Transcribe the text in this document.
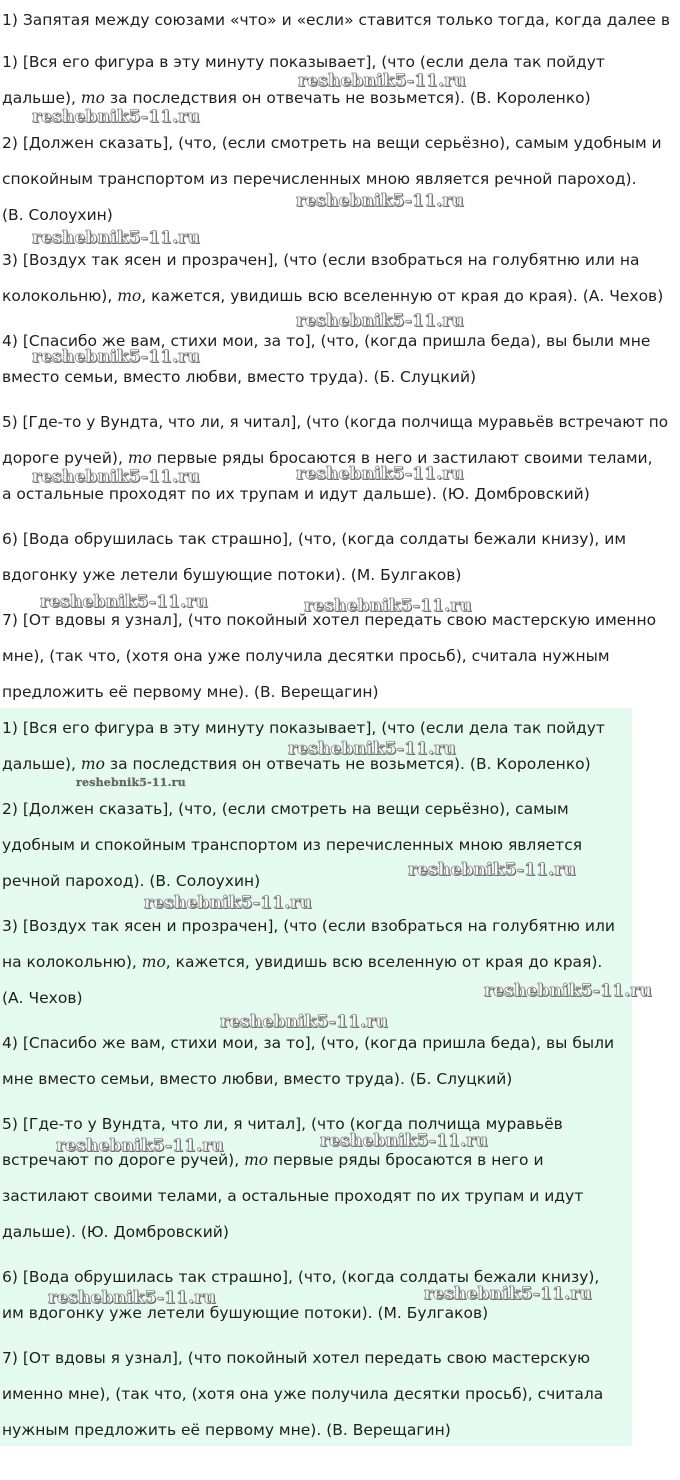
1) Запятая между союзами «что» и «если» ставится только тогда, когда далее в
1) [Вся его фигура в эту минуту показывает], (что (если дела так пойдут
дальше), то за последствия он отвечать не возьмется). (В. Короленко)
2) [Должен сказать], (что, (если смотреть на вещи серьёзно), самым удобным и
спокойным транспортом из перечисленных мною является речной пароход).
(В. Солоухин)
3) [Воздух так ясен и прозрачен], (что (если взобраться на голубятню или на
колокольню), то, кажется, увидишь всю вселенную от края до края). (А. Чехов)
4) [Спасибо же вам, стихи мои, за то], (что, (когда пришла беда), вы были мне
вместо семьи, вместо любви, вместо труда). (Б. Слуцкий)
5) [Где-то у Вундта, что ли, я читал], (что (когда полчища муравьёв встречают по
дороге ручей), то первые ряды бросаются в него и застилают своими телами,
а остальные проходят по их трупам и идут дальше). (Ю. Домбровский)
6) [Вода обрушилась так страшно], (что, (когда солдаты бежали книзу), им
вдогонку уже летели бушующие потоки). (М. Булгаков)
7) [От вдовы я узнал], (что покойный хотел передать свою мастерскую именно
мне), (так что, (хотя она уже получила десятки просьб), считала нужным
предложить её первому мне). (В. Верещагин)
1) [Вся его фигура в эту минуту показывает], (что (если дела так пойдут
дальше), то за последствия он отвечать не возьмется). (В. Короленко)
2) [Должен сказать], (что, (если смотреть на вещи серьёзно), самым
удобным и спокойным транспортом из перечисленных мною является
речной пароход). (В. Солоухин)
3) [Воздух так ясен и прозрачен], (что (если взобраться на голубятню или
на колокольню), то, кажется, увидишь всю вселенную от края до края).
(А. Чехов)
4) [Спасибо же вам, стихи мои, за то], (что, (когда пришла беда), вы были
мне вместо семьи, вместо любви, вместо труда). (Б. Слуцкий)
5) [Где-то у Вундта, что ли, я читал], (что (когда полчища муравьёв
встречают по дороге ручей), то первые ряды бросаются в него и
застилают своими телами, а остальные проходят по их трупам и идут
дальше). (Ю. Домбровский)
6) [Вода обрушилась так страшно], (что, (когда солдаты бежали книзу),
им вдогонку уже летели бушующие потоки). (М. Булгаков)
7) [От вдовы я узнал], (что покойный хотел передать свою мастерскую
именно мне), (так что, (хотя она уже получила десятки просьб), считала
нужным предложить её первому мне). (В. Верещагин)
reshebnik5-11.ru
reshebnik5-11.ru
reshebnik5-11.ru
reshebnik5-11.ru
reshebnik5-11.ru
reshebnik5-11.ru
reshebnik5-11.ru	reshebnik5-11.ru
reshebnik5-11.ru	reshebnik5-11.ru
reshebnik5-11.ru
reshebnik5-11.ru
reshebnik5-11.ru
reshebnik5-11.ru
reshebnik5-11.ru
reshebnik5-11.ru
reshebnik5-11.ru	reshebnik5-11.ru
reshebnik5-11.ru	reshebnik5-11.ru
